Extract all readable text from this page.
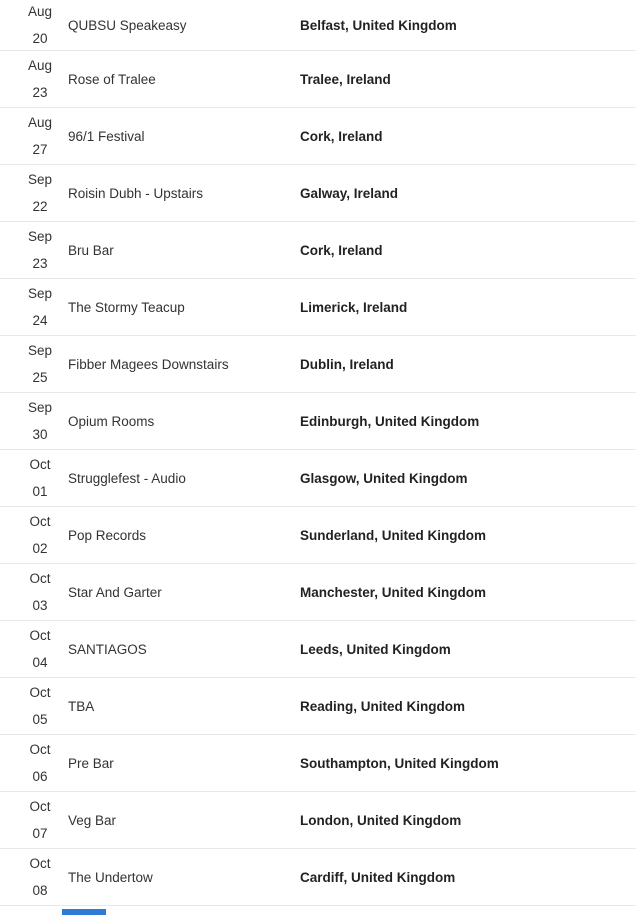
Aug
20
QUBSU Speakeasy	Belfast, United Kingdom
Aug
23
Rose of Tralee	Tralee, Ireland
Aug
27
96/1 Festival	Cork, Ireland
Sep
22
Roisin Dubh - Upstairs	Galway, Ireland
Sep
23
Bru Bar	Cork, Ireland
Sep
24
The Stormy Teacup	Limerick, Ireland
Sep
25
Fibber Magees Downstairs	Dublin, Ireland
Sep
30
Opium Rooms	Edinburgh, United Kingdom
Oct
01
Strugglefest - Audio	Glasgow, United Kingdom
Oct
02
Pop Records	Sunderland, United Kingdom
Oct
03
Star And Garter	Manchester, United Kingdom
Oct
04
SANTIAGOS	Leeds, United Kingdom
Oct
05
TBA	Reading, United Kingdom
Oct
06
Pre Bar	Southampton, United Kingdom
Oct
07
Veg Bar	London, United Kingdom
Oct
08
The Undertow	Cardiff, United Kingdom
